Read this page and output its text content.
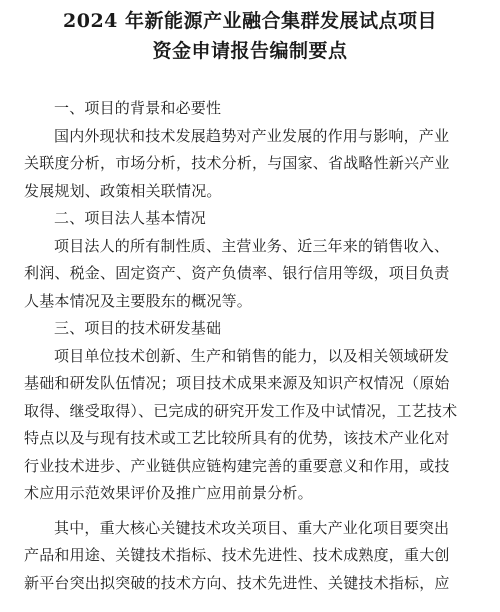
2024 年新能源产业融合集群发展试点项目
资金申请报告编制要点
一、项目的背景和必要性
国内外现状和技术发展趋势对产业发展的作用与影响，产业
关联度分析，市场分析，技术分析，与国家、省战略性新兴产业
发展规划、政策相关联情况。
二、项目法人基本情况
项目法人的所有制性质、主营业务、近三年来的销售收入、
利润、税金、固定资产、资产负债率、银行信用等级，项目负责
人基本情况及主要股东的概况等。
三、项目的技术研发基础
项目单位技术创新、生产和销售的能力，以及相关领域研发
基础和研发队伍情况；项目技术成果来源及知识产权情况（原始
取得、继受取得）、已完成的研究开发工作及中试情况，工艺技术
特点以及与现有技术或工艺比较所具有的优势，该技术产业化对
行业技术进步、产业链供应链构建完善的重要意义和作用，或技
术应用示范效果评价及推广应用前景分析。
其中，重大核心关键技术攻关项目、重大产业化项目要突出
产品和用途、关键技术指标、技术先进性、技术成熟度，重大创
新平台突出拟突破的技术方向、技术先进性、关键技术指标，应
